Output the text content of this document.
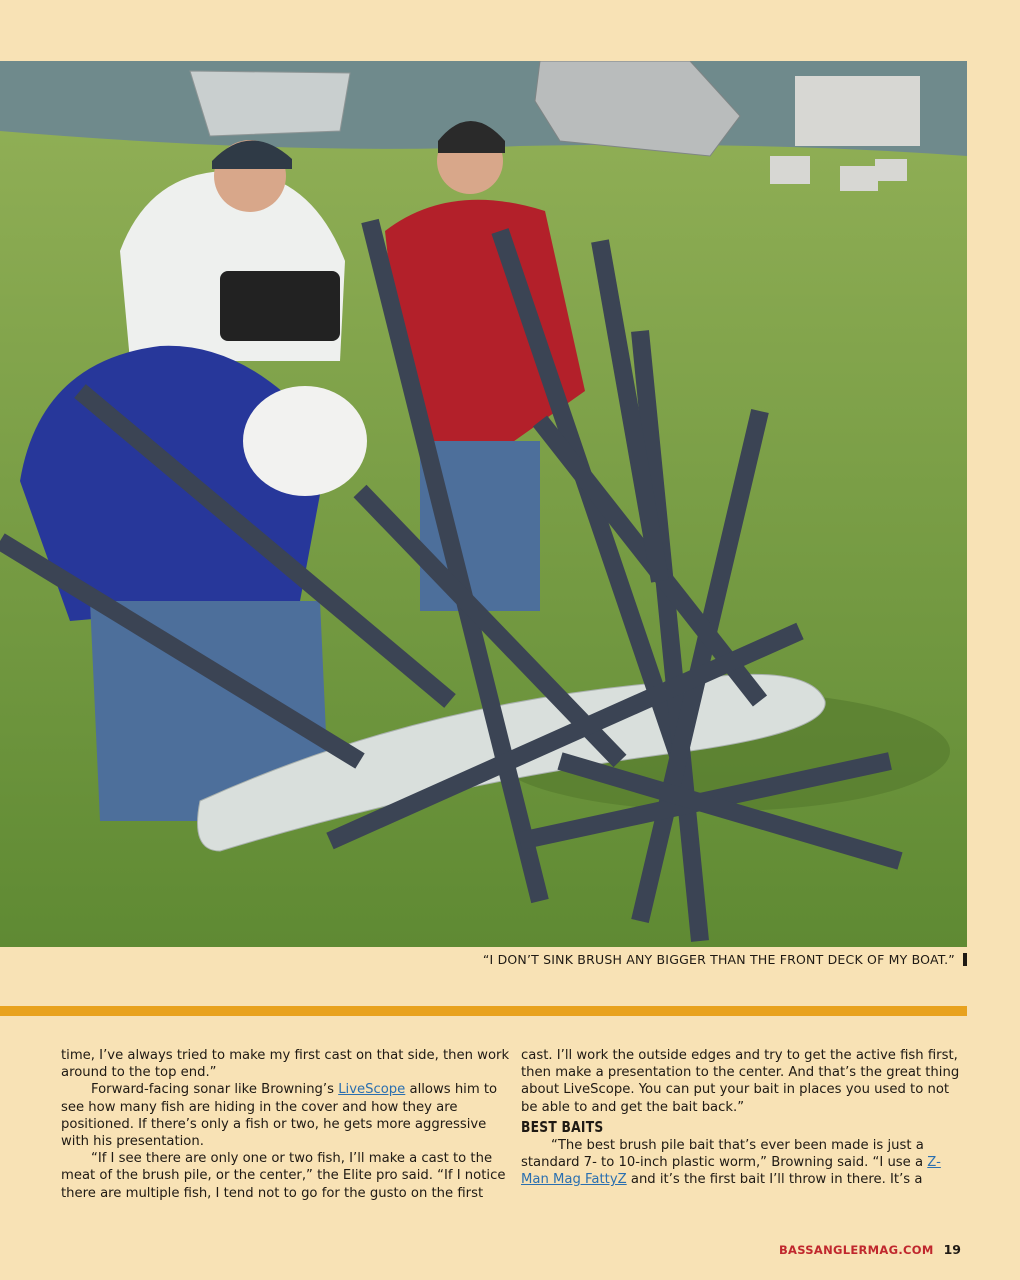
“I DON’T SINK BRUSH ANY BIGGER THAN THE FRONT DECK OF MY BOAT.”

time, I’ve always tried to make my first cast on that side, then work around to the top end.”

Forward-facing sonar like Browning’s LiveScope allows him to see how many fish are hiding in the cover and how they are positioned. If there’s only a fish or two, he gets more aggressive with his presentation.

“If I see there are only one or two fish, I’ll make a cast to the meat of the brush pile, or the center,” the Elite pro said. “If I notice there are multiple fish, I tend not to go for the gusto on the first

cast. I’ll work the outside edges and try to get the active fish first, then make a presentation to the center. And that’s the great thing about LiveScope. You can put your bait in places you used to not be able to and get the bait back.”

BEST BAITS

“The best brush pile bait that’s ever been made is just a standard 7- to 10-inch plastic worm,” Browning said. “I use a Z-Man Mag FattyZ and it’s the first bait I’ll throw in there. It’s a

BASSANGLERMAG.COM 19
